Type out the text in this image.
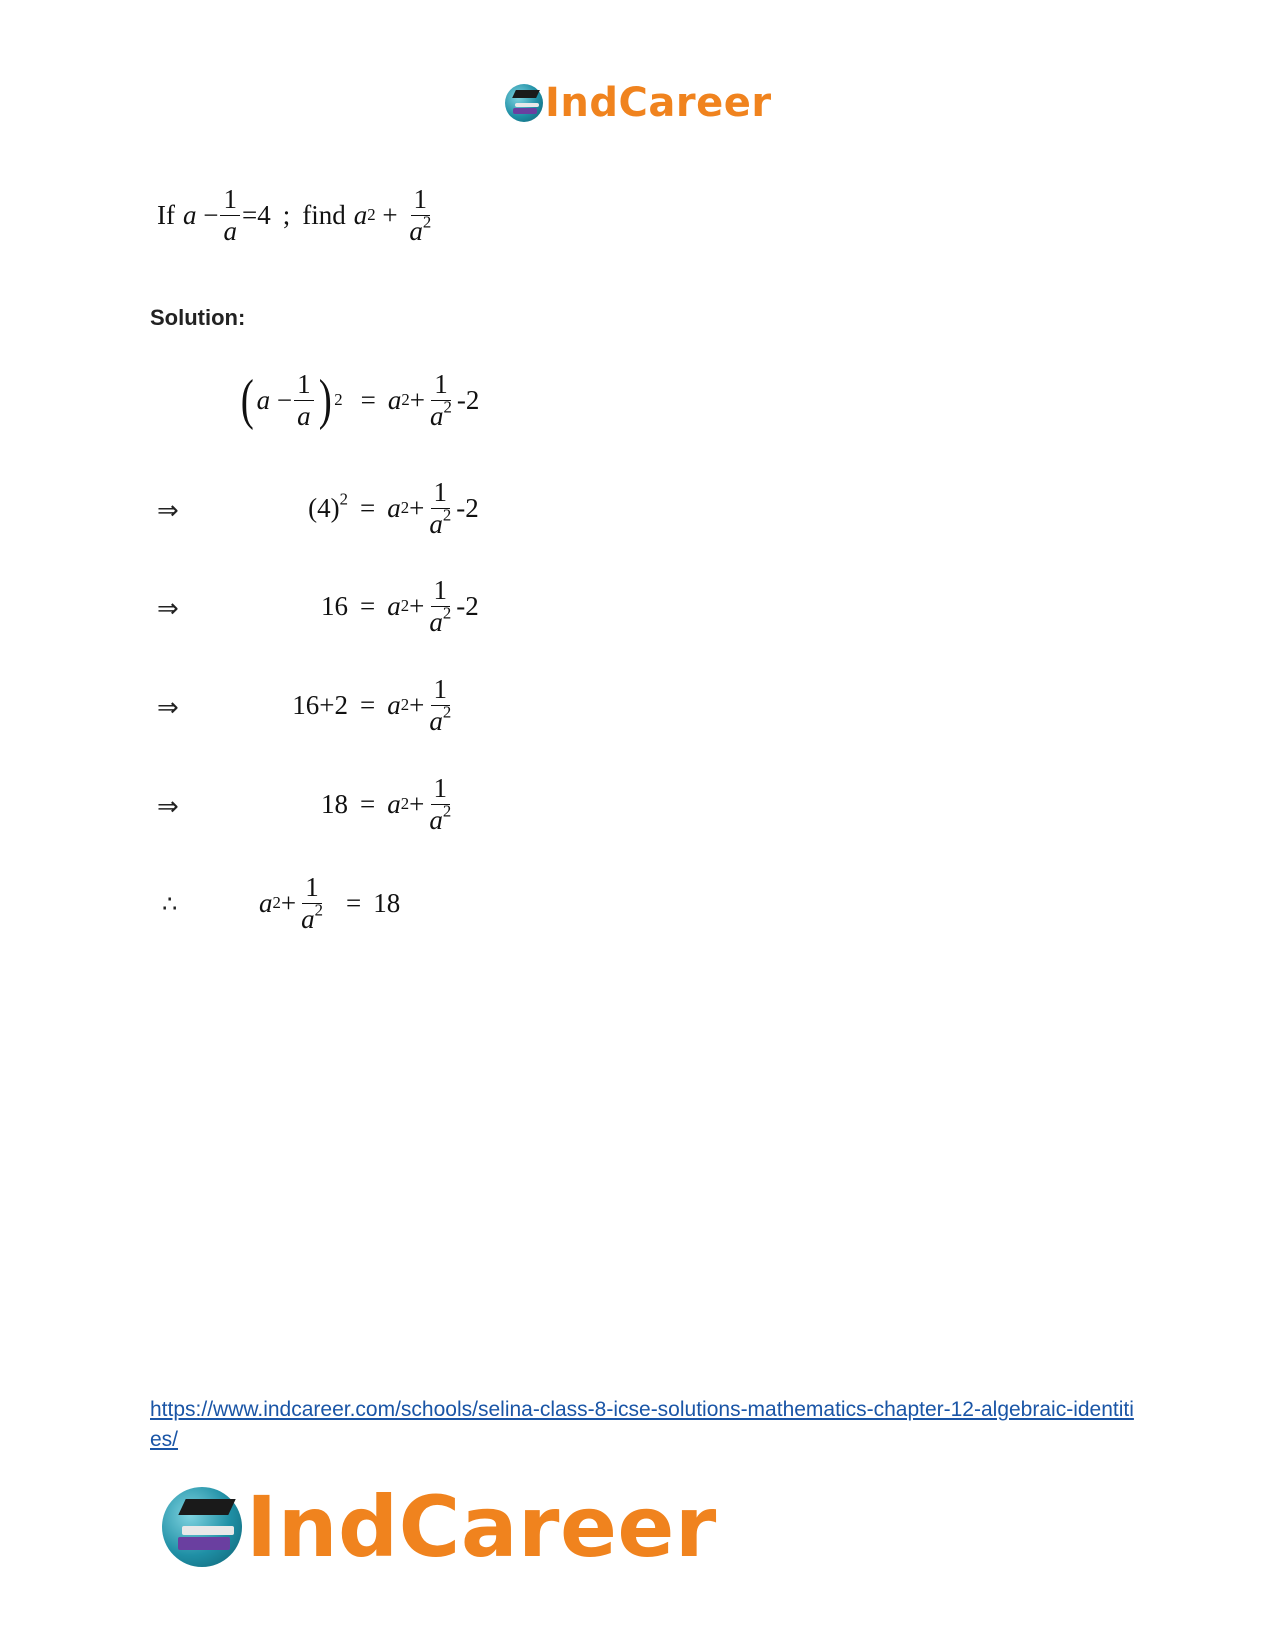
IndCareer
If $a - \frac{1}{a} = 4$ ; find a $2 + \frac{1}{a^2}$
Solution:
( $a - \frac{1}{a}$ ) 2 = a $2 + \frac{1}{a^2} -2$
⇒	$(4)^2 = a$ $2 + \frac{1}{a^2} -2$
⇒	16 = a $2 + \frac{1}{a^2} -2$
⇒	16+2 = a $2 + \frac{1}{a^2}$
⇒	18 = a $2 + \frac{1}{a^2}$
∴	a $2 + \frac{1}{a^2} = 18$
https://www.indcareer.com/schools/selina-class-8-icse-solutions-mathematics-chapter-12-algebraic-identities/
IndCareer
